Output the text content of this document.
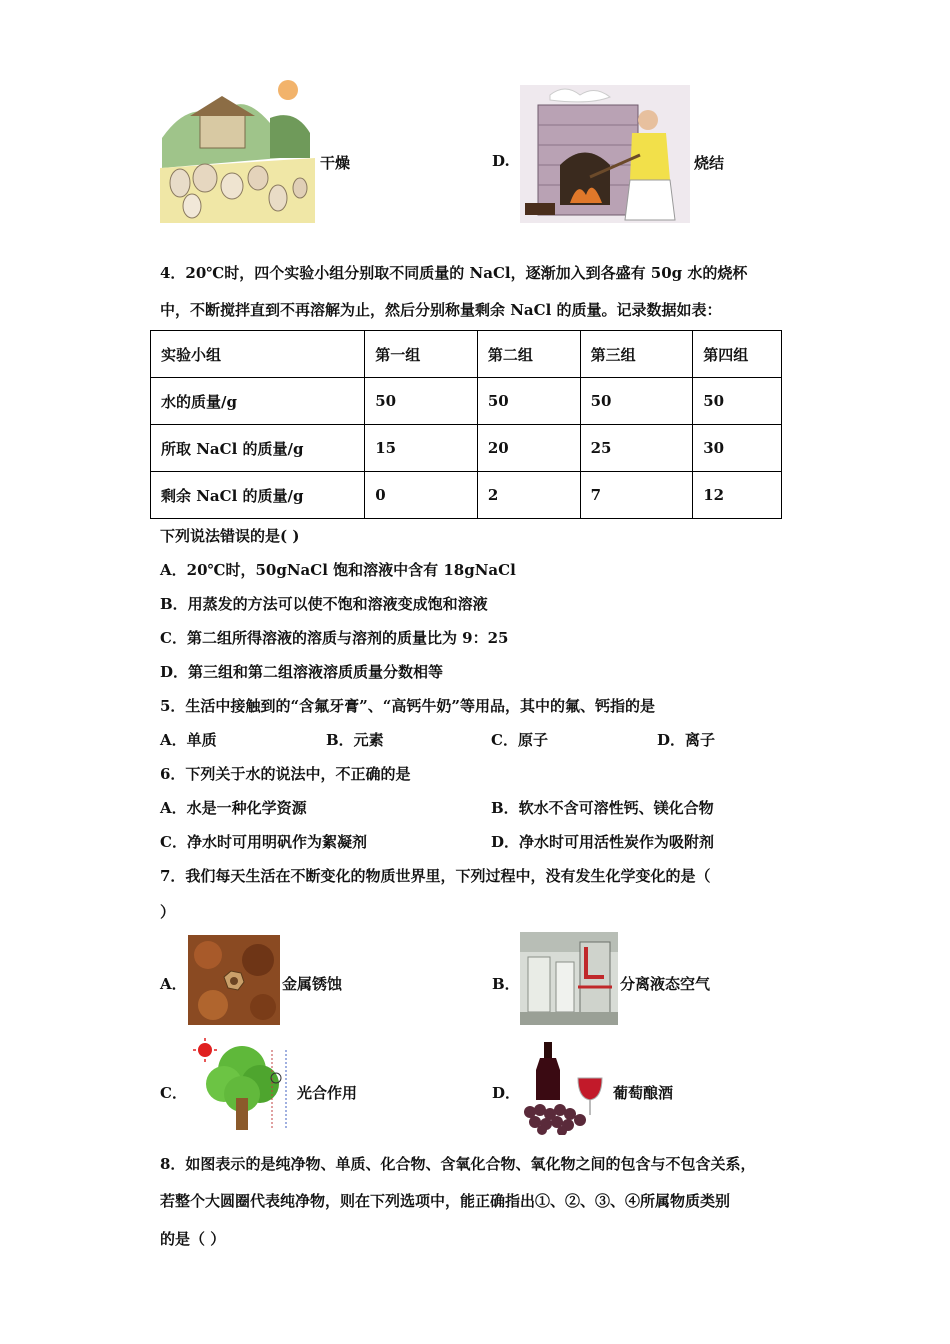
干燥	D.	烧结
4．20℃时，四个实验小组分别取不同质量的 NaCl，逐渐加入到各盛有 50g 水的烧杯
中，不断搅拌直到不再溶解为止，然后分别称量剩余 NaCl 的质量。记录数据如表：
实验小组	第一组	第二组	第三组	第四组
水的质量/g	50	50	50	50
所取 NaCl 的质量/g	15	20	25	30
剩余 NaCl 的质量/g	0	2	7	12
下列说法错误的是( )
A．20℃时，50gNaCl 饱和溶液中含有 18gNaCl
B．用蒸发的方法可以使不饱和溶液变成饱和溶液
C．第二组所得溶液的溶质与溶剂的质量比为 9：25
D．第三组和第二组溶液溶质质量分数相等
5．生活中接触到的“含氟牙膏”、“高钙牛奶”等用品，其中的氟、钙指的是
A．单质	B．元素	C．原子	D．离子
6．下列关于水的说法中，不正确的是
A．水是一种化学资源	B．软水不含可溶性钙、镁化合物
C．净水时可用明矾作为絮凝剂	D．净水时可用活性炭作为吸附剂
7．我们每天生活在不断变化的物质世界里，下列过程中，没有发生化学变化的是（
）
A．	金属锈蚀	B．	分离液态空气
C．	光合作用	D．	葡萄酿酒
8．如图表示的是纯净物、单质、化合物、含氧化合物、氧化物之间的包含与不包含关系，
若整个大圆圈代表纯净物，则在下列选项中，能正确指出①、②、③、④所属物质类别
的是（ ）
